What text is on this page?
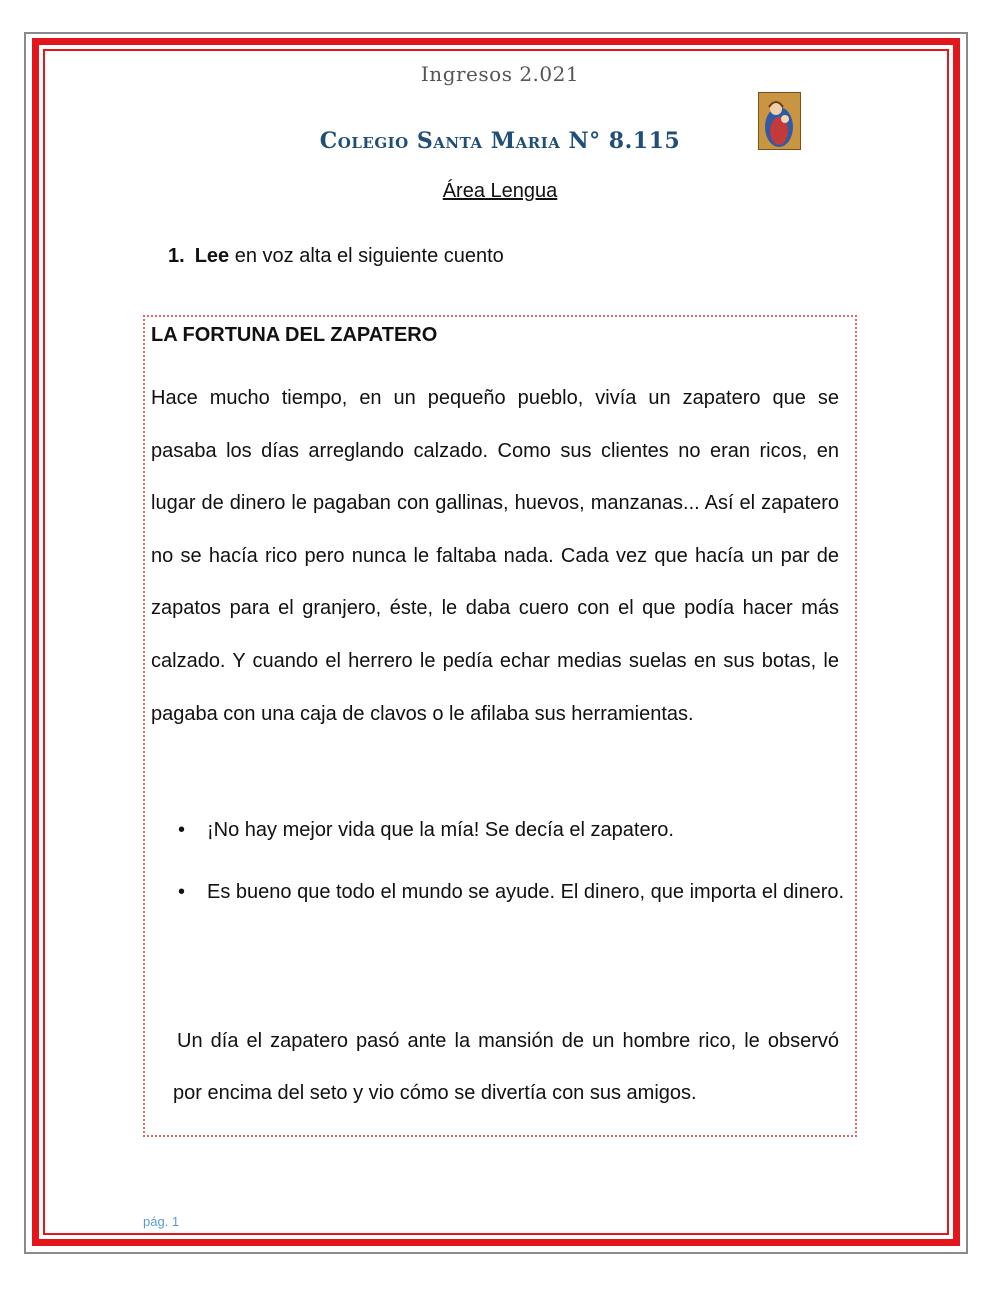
Ingresos 2.021
Colegio Santa Maria N° 8.115
Área Lengua
1. Lee en voz alta el siguiente cuento
LA FORTUNA DEL ZAPATERO
Hace mucho tiempo, en un pequeño pueblo, vivía un zapatero que se pasaba los días arreglando calzado. Como sus clientes no eran ricos, en lugar de dinero le pagaban con gallinas, huevos, manzanas... Así el zapatero no se hacía rico pero nunca le faltaba nada. Cada vez que hacía un par de zapatos para el granjero, éste, le daba cuero con el que podía hacer más calzado. Y cuando el herrero le pedía echar medias suelas en sus botas, le pagaba con una caja de clavos o le afilaba sus herramientas.
• ¡No hay mejor vida que la mía! Se decía el zapatero.
• Es bueno que todo el mundo se ayude. El dinero, que importa el dinero.
Un día el zapatero pasó ante la mansión de un hombre rico, le observó por encima del seto y vio cómo se divertía con sus amigos.
pág. 1
